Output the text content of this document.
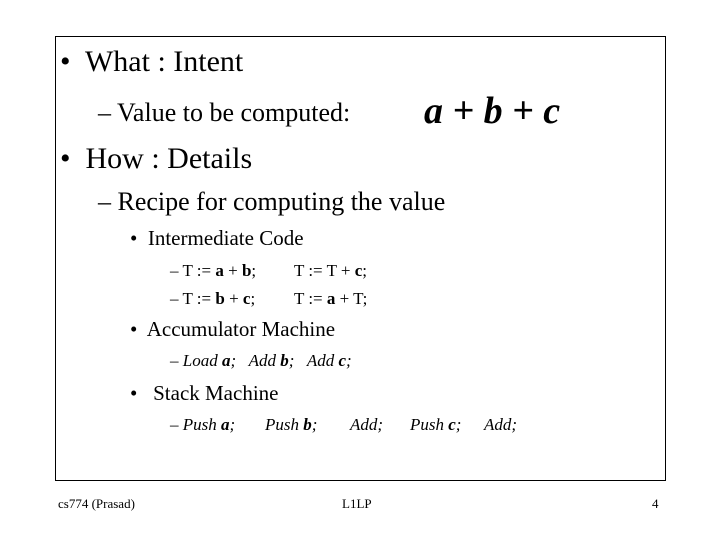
• What : Intent
– Value to be computed: a + b + c
• How : Details
– Recipe for computing the value
• Intermediate Code
– T := a + b; T := T + c;
– T := b + c; T := a + T;
• Accumulator Machine
– Load a; Add b; Add c;
• Stack Machine
– Push a; Push b; Add; Push c; Add;
cs774 (Prasad)	L1LP	4
